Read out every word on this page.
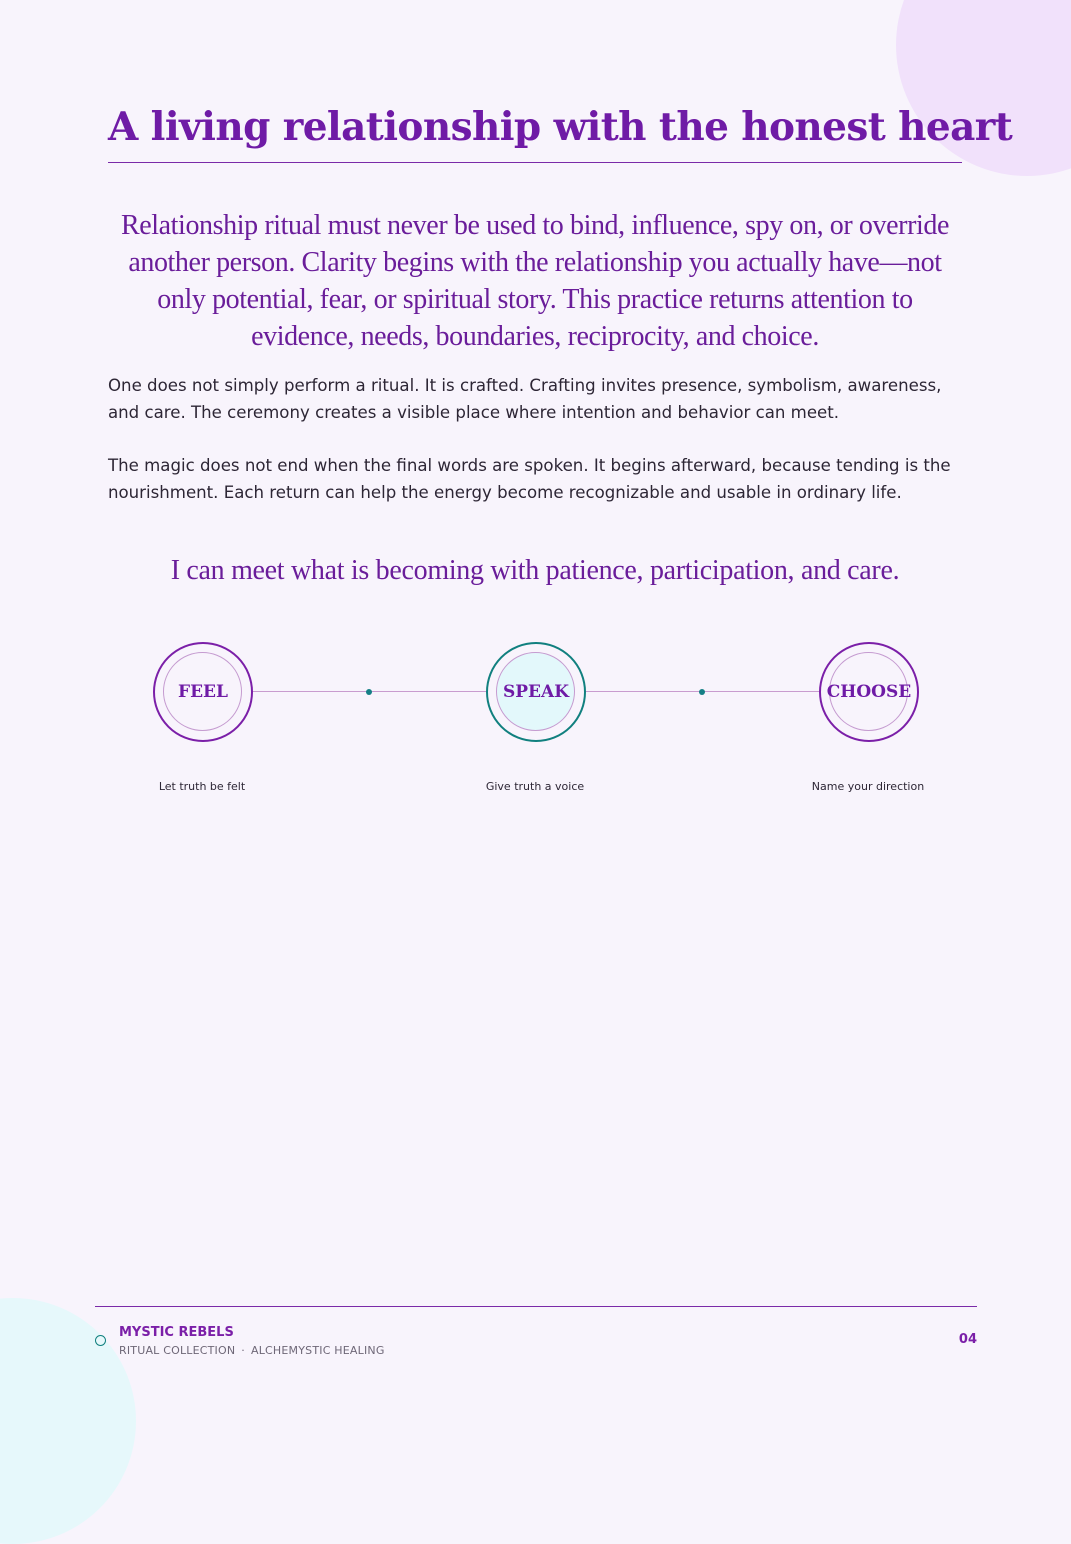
A living relationship with the honest heart

Relationship ritual must never be used to bind, influence, spy on, or override another person. Clarity begins with the relationship you actually have—not only potential, fear, or spiritual story. This practice returns attention to evidence, needs, boundaries, reciprocity, and choice.

One does not simply perform a ritual. It is crafted. Crafting invites presence, symbolism, awareness, and care. The ceremony creates a visible place where intention and behavior can meet.

The magic does not end when the final words are spoken. It begins afterward, because tending is the nourishment. Each return can help the energy become recognizable and usable in ordinary life.

I can meet what is becoming with patience, participation, and care.

FEEL	SPEAK	CHOOSE

Let truth be felt	Give truth a voice	Name your direction

MYSTIC REBELS

RITUAL COLLECTION · ALCHEMYSTIC HEALING

04
